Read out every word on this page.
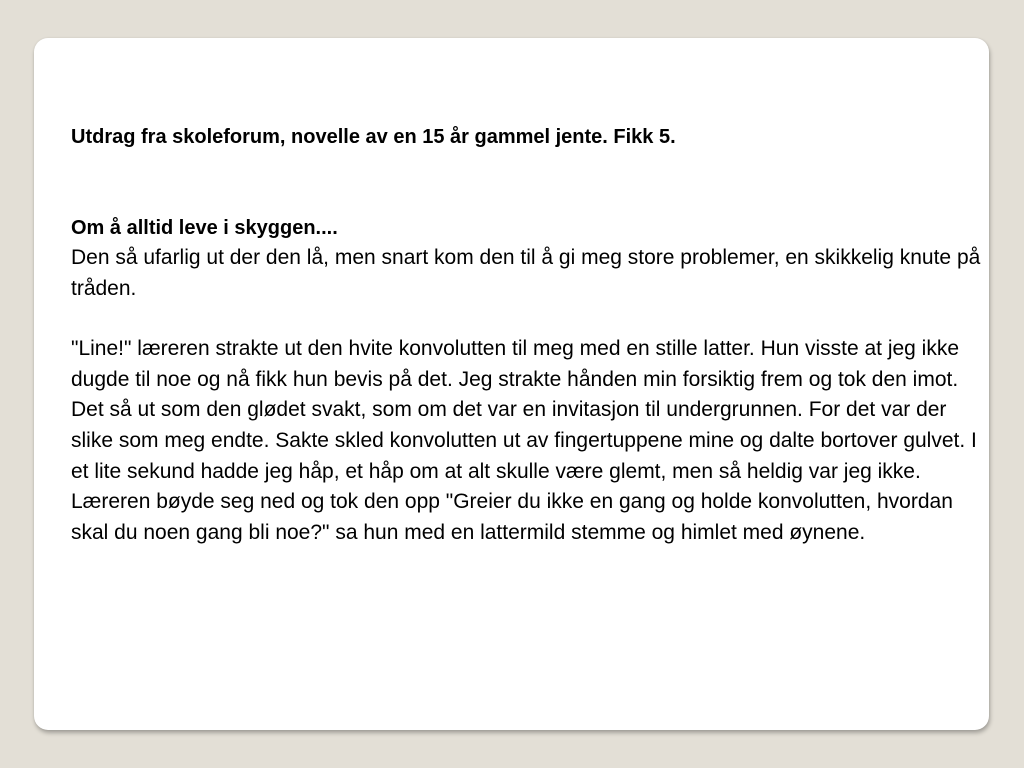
Utdrag fra skoleforum, novelle av en 15 år gammel jente. Fikk 5.

Om å alltid leve i skyggen....

Den så ufarlig ut der den lå, men snart kom den til å gi meg store problemer, en skikkelig knute på tråden.

"Line!" læreren strakte ut den hvite konvolutten til meg med en stille latter. Hun visste at jeg ikke dugde til noe og nå fikk hun bevis på det. Jeg strakte hånden min forsiktig frem og tok den imot. Det så ut som den glødet svakt, som om det var en invitasjon til undergrunnen. For det var der slike som meg endte. Sakte skled konvolutten ut av fingertuppene mine og dalte bortover gulvet. I et lite sekund hadde jeg håp, et håp om at alt skulle være glemt, men så heldig var jeg ikke. Læreren bøyde seg ned og tok den opp "Greier du ikke en gang og holde konvolutten, hvordan skal du noen gang bli noe?" sa hun med en lattermild stemme og himlet med øynene.
